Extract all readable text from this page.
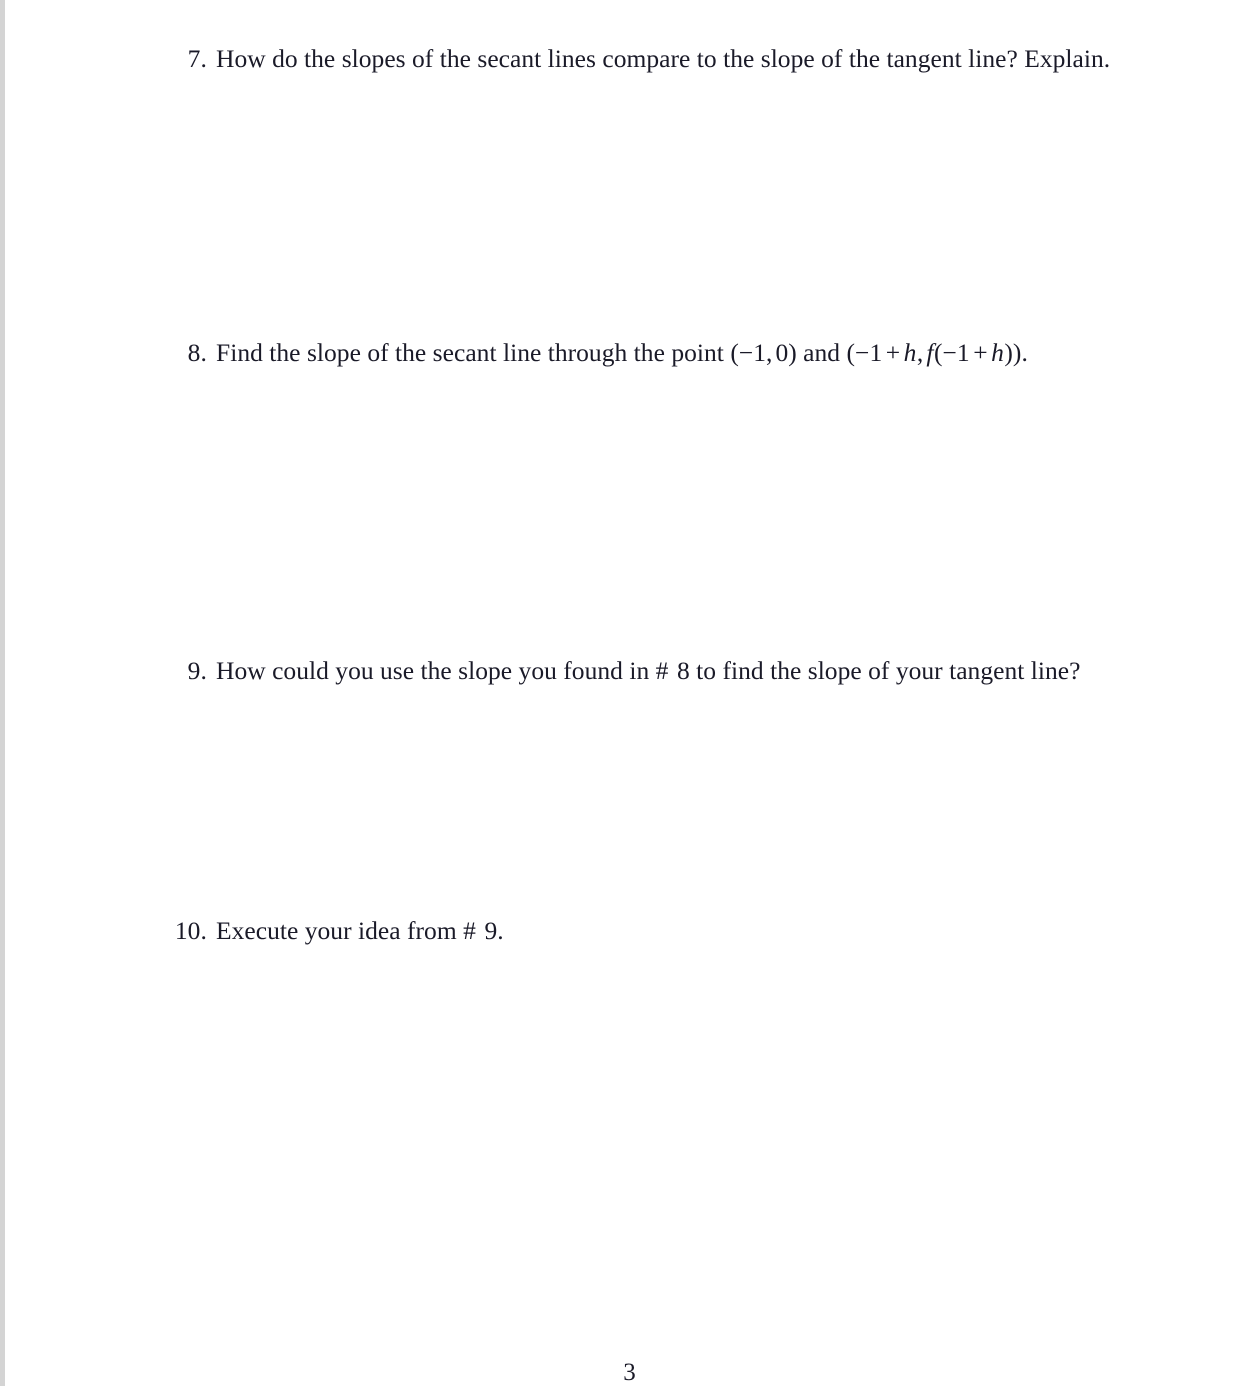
7. How do the slopes of the secant lines compare to the slope of the tangent line? Explain.
8. Find the slope of the secant line through the point (−1, 0) and (−1 + h, f(−1 + h)).
9. How could you use the slope you found in #  8 to find the slope of your tangent line?
10. Execute your idea from #  9.
3
